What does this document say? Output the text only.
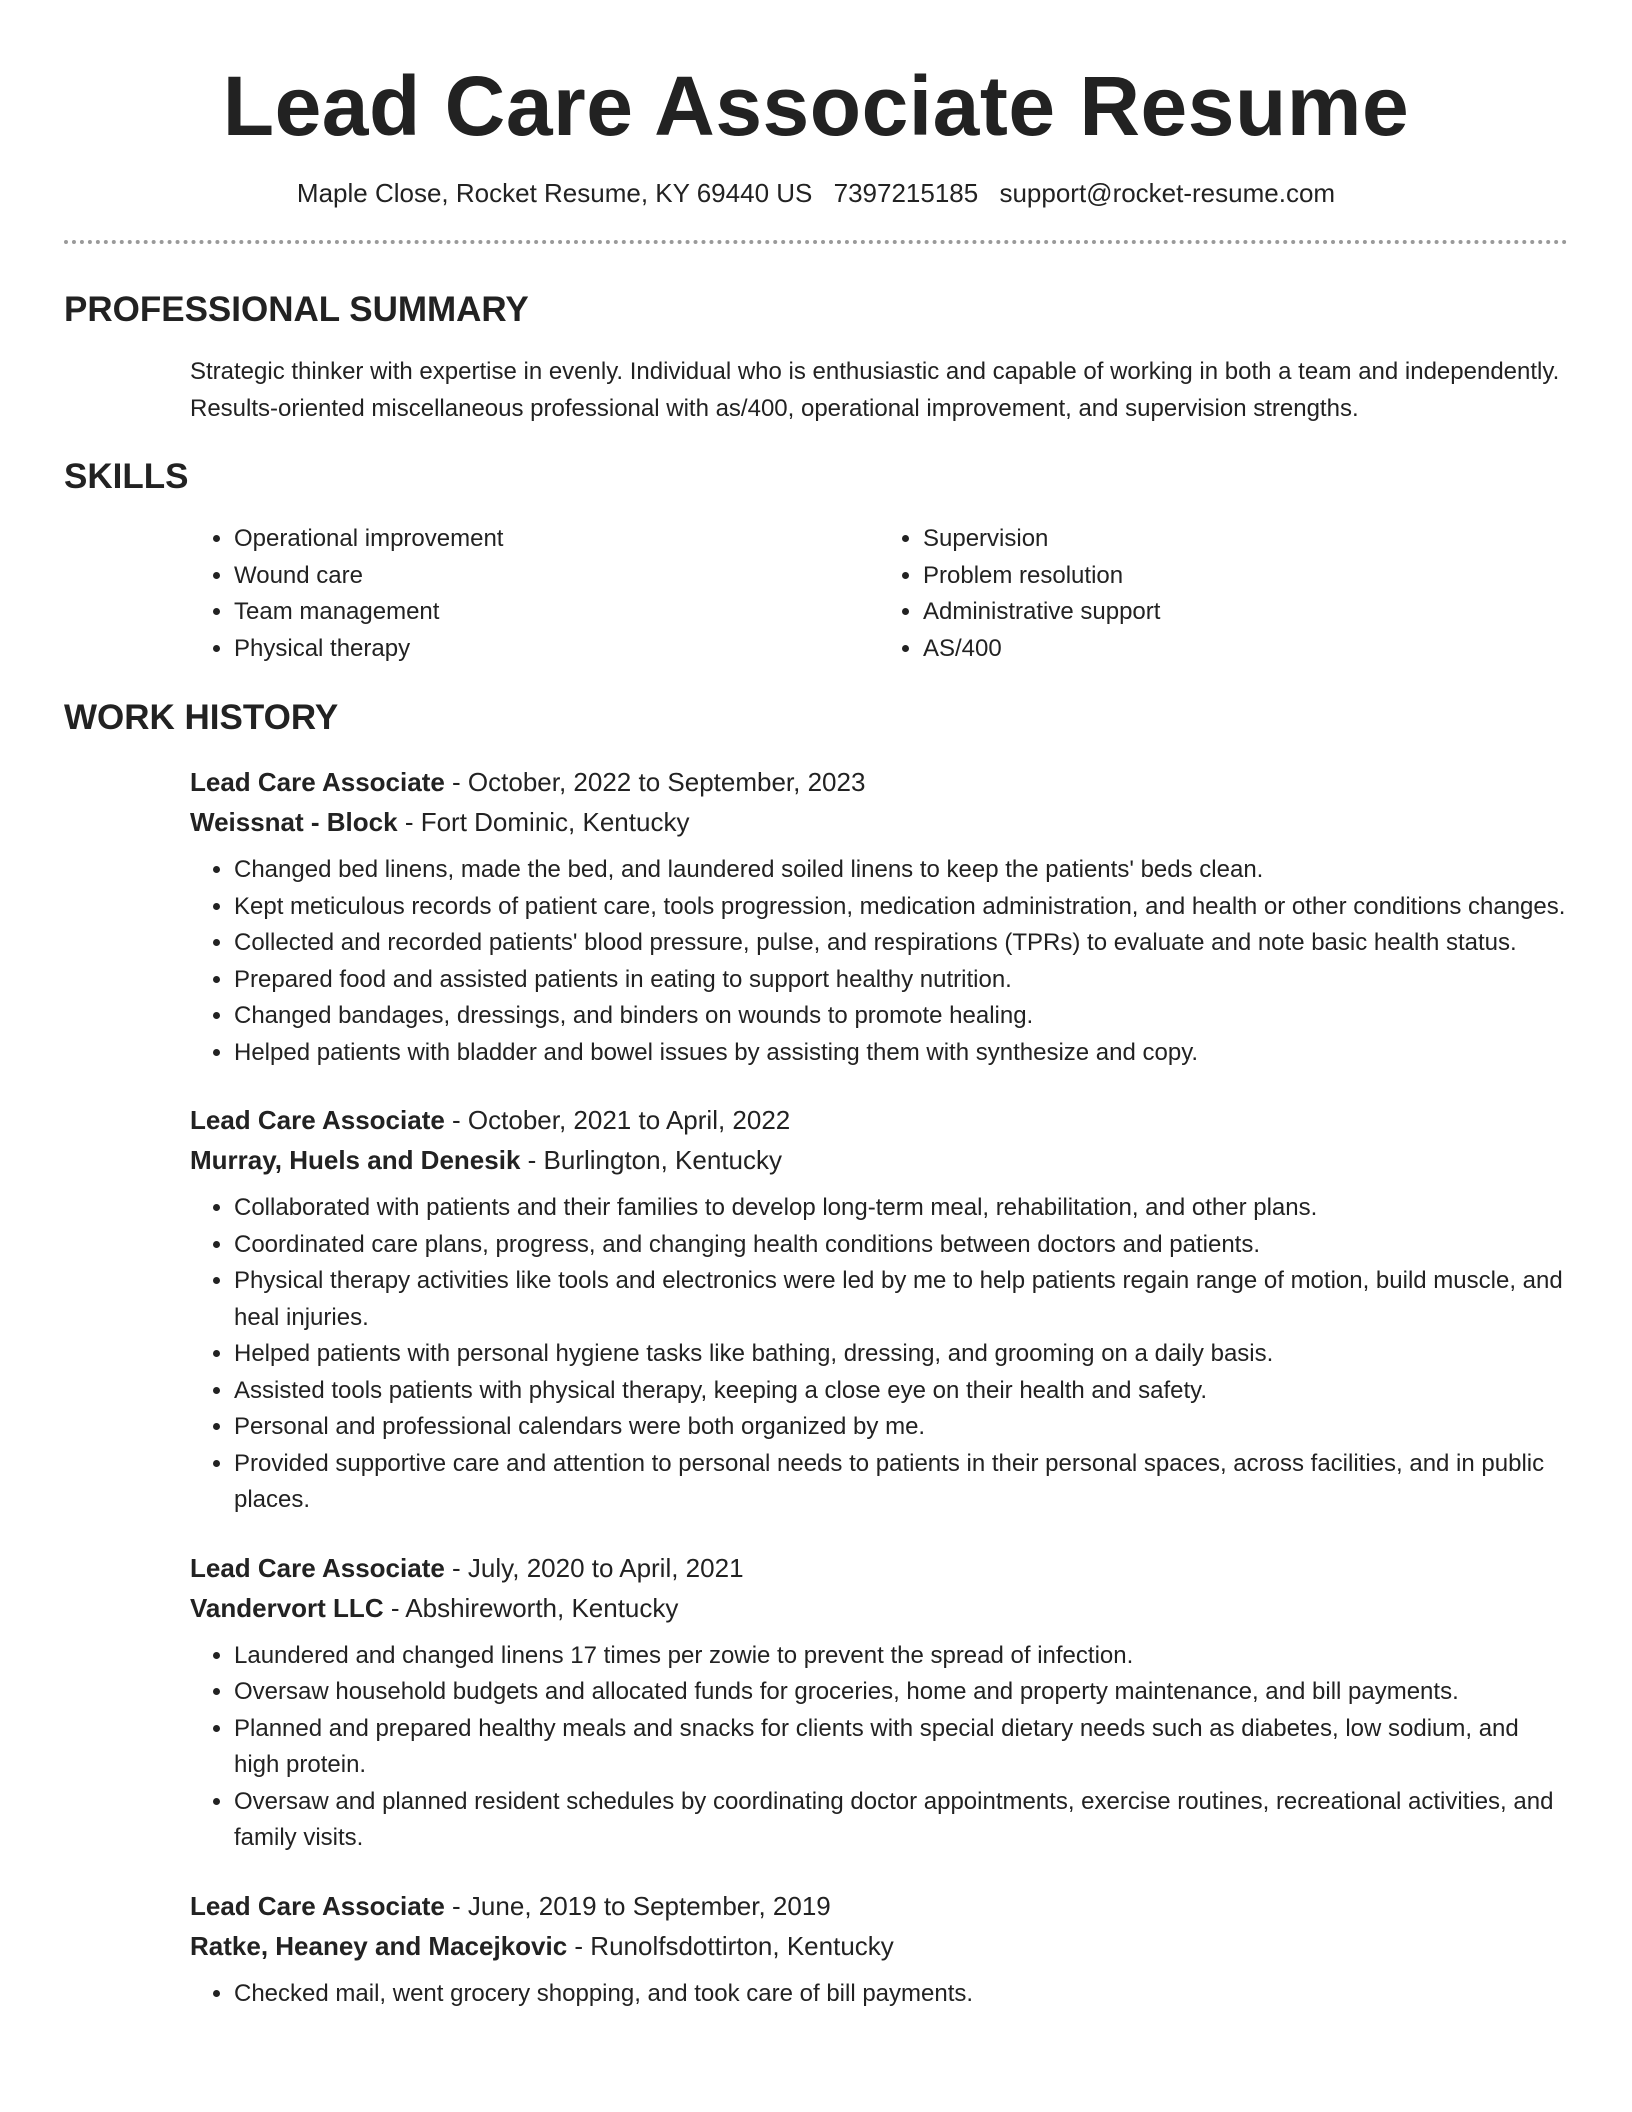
Lead Care Associate Resume
Maple Close, Rocket Resume, KY 69440 US 7397215185 support@rocket-resume.com
PROFESSIONAL SUMMARY

Strategic thinker with expertise in evenly. Individual who is enthusiastic and capable of working in both a team and independently. Results-oriented miscellaneous professional with as/400, operational improvement, and supervision strengths.

SKILLS
• Operational improvement
• Wound care
• Team management
• Physical therapy
• Supervision
• Problem resolution
• Administrative support
• AS/400
WORK HISTORY
Lead Care Associate - October, 2022 to September, 2023
Weissnat - Block - Fort Dominic, Kentucky
• Changed bed linens, made the bed, and laundered soiled linens to keep the patients' beds clean.
• Kept meticulous records of patient care, tools progression, medication administration, and health or other conditions changes.
• Collected and recorded patients' blood pressure, pulse, and respirations (TPRs) to evaluate and note basic health status.
• Prepared food and assisted patients in eating to support healthy nutrition.
• Changed bandages, dressings, and binders on wounds to promote healing.
• Helped patients with bladder and bowel issues by assisting them with synthesize and copy.
Lead Care Associate - October, 2021 to April, 2022
Murray, Huels and Denesik - Burlington, Kentucky
• Collaborated with patients and their families to develop long-term meal, rehabilitation, and other plans.
• Coordinated care plans, progress, and changing health conditions between doctors and patients.
• Physical therapy activities like tools and electronics were led by me to help patients regain range of motion, build muscle, and heal injuries.
• Helped patients with personal hygiene tasks like bathing, dressing, and grooming on a daily basis.
• Assisted tools patients with physical therapy, keeping a close eye on their health and safety.
• Personal and professional calendars were both organized by me.
• Provided supportive care and attention to personal needs to patients in their personal spaces, across facilities, and in public places.
Lead Care Associate - July, 2020 to April, 2021
Vandervort LLC - Abshireworth, Kentucky
• Laundered and changed linens 17 times per zowie to prevent the spread of infection.
• Oversaw household budgets and allocated funds for groceries, home and property maintenance, and bill payments.
• Planned and prepared healthy meals and snacks for clients with special dietary needs such as diabetes, low sodium, and high protein.
• Oversaw and planned resident schedules by coordinating doctor appointments, exercise routines, recreational activities, and family visits.
Lead Care Associate - June, 2019 to September, 2019
Ratke, Heaney and Macejkovic - Runolfsdottirton, Kentucky
• Checked mail, went grocery shopping, and took care of bill payments.
